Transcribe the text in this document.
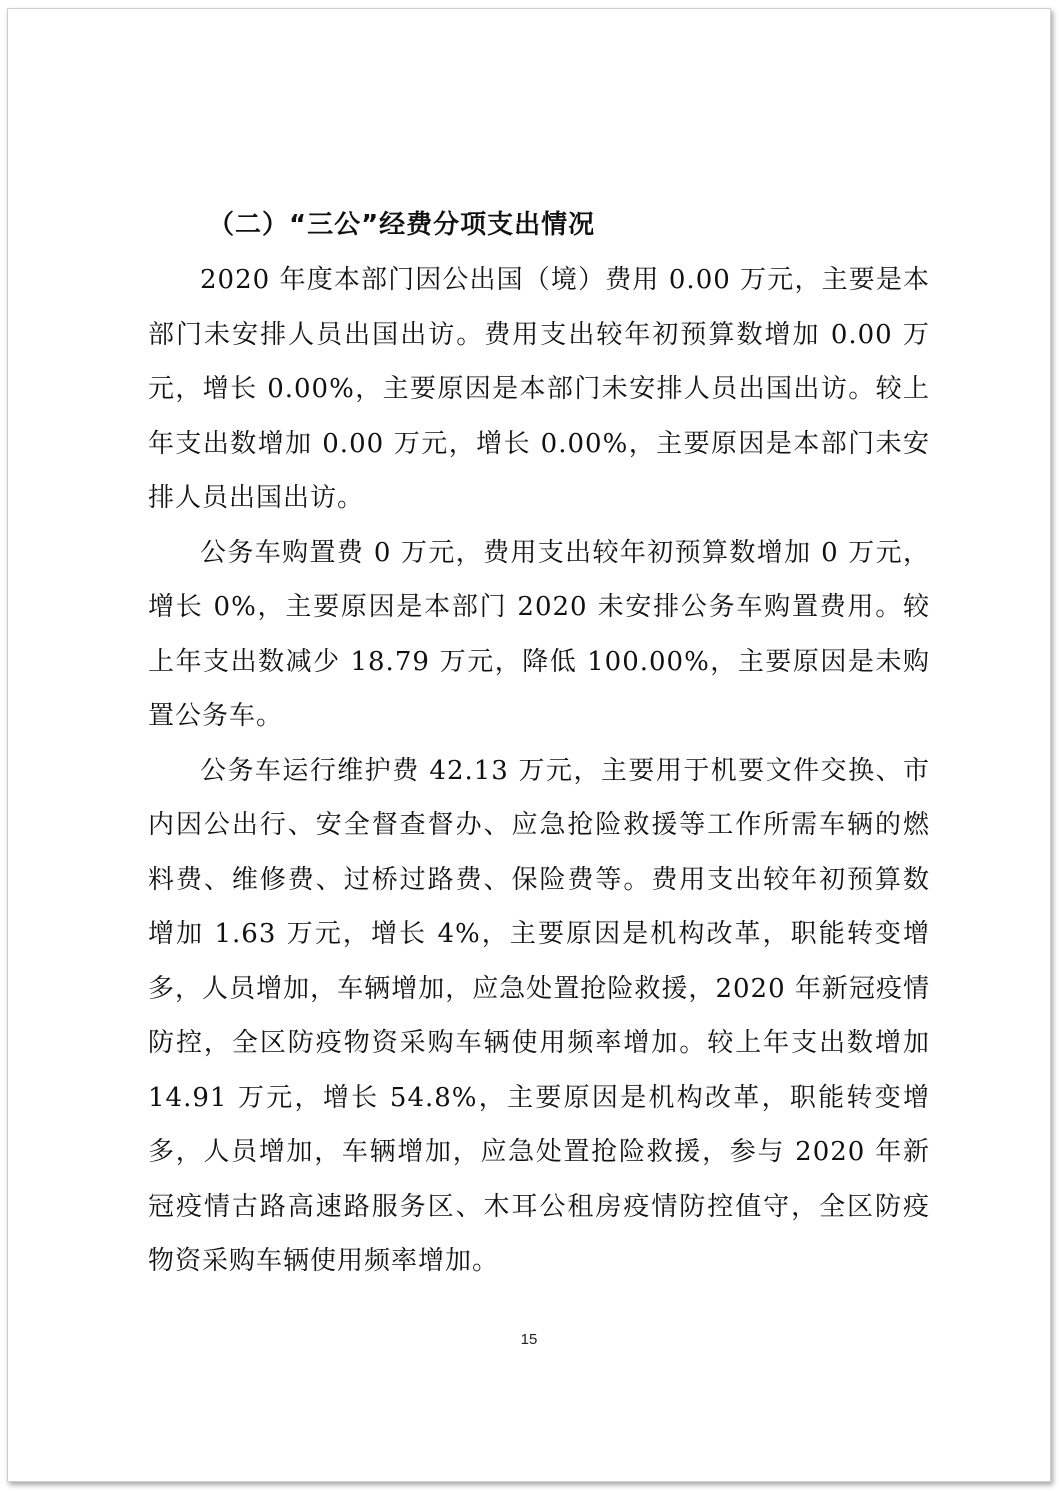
（二）“三公”经费分项支出情况

2020 年度本部门因公出国（境）费用 0.00 万元，主要是本部门未安排人员出国出访。费用支出较年初预算数增加 0.00 万元，增长 0.00%，主要原因是本部门未安排人员出国出访。较上年支出数增加 0.00 万元，增长 0.00%，主要原因是本部门未安排人员出国出访。

公务车购置费 0 万元，费用支出较年初预算数增加 0 万元，增长 0%，主要原因是本部门 2020 未安排公务车购置费用。较上年支出数减少 18.79 万元，降低 100.00%，主要原因是未购置公务车。

公务车运行维护费 42.13 万元，主要用于机要文件交换、市内因公出行、安全督查督办、应急抢险救援等工作所需车辆的燃料费、维修费、过桥过路费、保险费等。费用支出较年初预算数增加 1.63 万元，增长 4%，主要原因是机构改革，职能转变增多，人员增加，车辆增加，应急处置抢险救援，2020 年新冠疫情防控，全区防疫物资采购车辆使用频率增加。较上年支出数增加 14.91 万元，增长 54.8%，主要原因是机构改革，职能转变增多，人员增加，车辆增加，应急处置抢险救援，参与 2020 年新冠疫情古路高速路服务区、木耳公租房疫情防控值守，全区防疫物资采购车辆使用频率增加。

15
